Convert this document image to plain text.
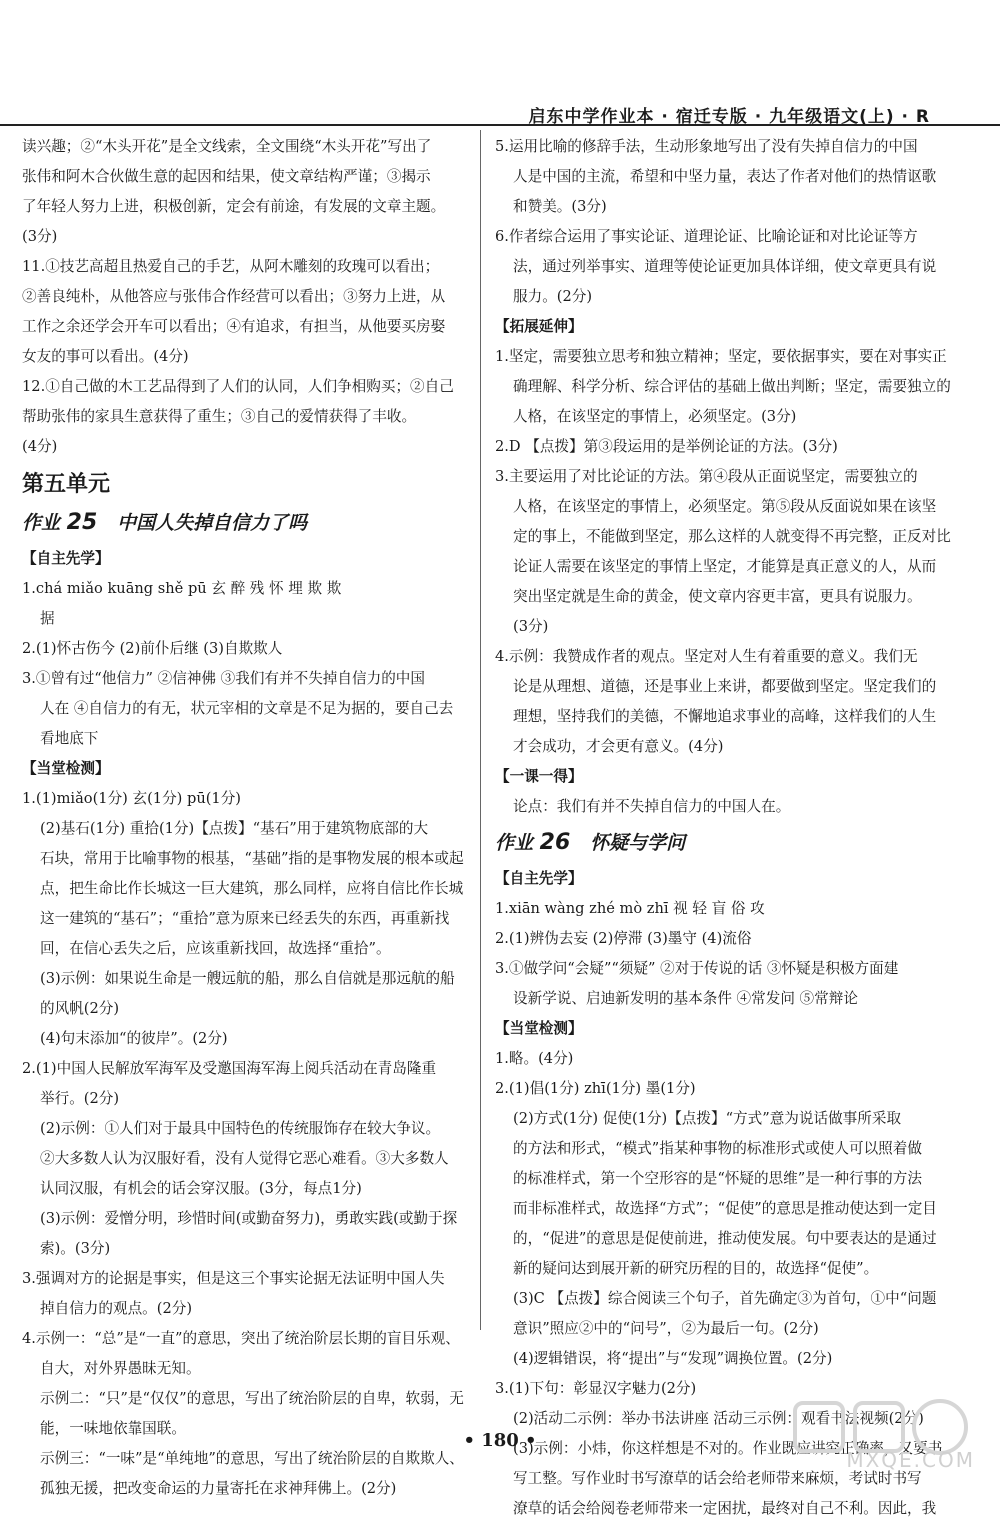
启东中学作业本 · 宿迁专版 · 九年级语文(上) · R
读兴趣；②“木头开花”是全文线索，全文围绕“木头开花”写出了
张伟和阿木合伙做生意的起因和结果，使文章结构严谨；③揭示
了年轻人努力上进，积极创新，定会有前途，有发展的文章主题。
(3分)
11.①技艺高超且热爱自己的手艺，从阿木雕刻的玫瑰可以看出；
②善良纯朴，从他答应与张伟合作经营可以看出；③努力上进，从
工作之余还学会开车可以看出；④有追求，有担当，从他要买房娶
女友的事可以看出。(4分)
12.①自己做的木工艺品得到了人们的认同，人们争相购买；②自己
帮助张伟的家具生意获得了重生；③自己的爱情获得了丰收。
(4分)
第五单元
作业 25 中国人失掉自信力了吗
【自主先学】
1.chá miǎo kuāng shě pū 玄 醉 残 怀 埋 欺 欺
据
2.(1)怀古伤今 (2)前仆后继 (3)自欺欺人
3.①曾有过“他信力” ②信神佛 ③我们有并不失掉自信力的中国
人在 ④自信力的有无，状元宰相的文章是不足为据的，要自己去
看地底下
【当堂检测】
1.(1)miǎo(1分) 玄(1分) pū(1分)
(2)基石(1分) 重拾(1分)【点拨】“基石”用于建筑物底部的大
石块，常用于比喻事物的根基，“基础”指的是事物发展的根本或起
点，把生命比作长城这一巨大建筑，那么同样，应将自信比作长城
这一建筑的“基石”；“重拾”意为原来已经丢失的东西，再重新找
回，在信心丢失之后，应该重新找回，故选择“重拾”。
(3)示例：如果说生命是一艘远航的船，那么自信就是那远航的船
的风帆(2分)
(4)句末添加“的彼岸”。(2分)
2.(1)中国人民解放军海军及受邀国海军海上阅兵活动在青岛隆重
举行。(2分)
(2)示例：①人们对于最具中国特色的传统服饰存在较大争议。
②大多数人认为汉服好看，没有人觉得它恶心难看。③大多数人
认同汉服，有机会的话会穿汉服。(3分，每点1分)
(3)示例：爱憎分明，珍惜时间(或勤奋努力)，勇敢实践(或勤于探
索)。(3分)
3.强调对方的论据是事实，但是这三个事实论据无法证明中国人失
掉自信力的观点。(2分)
4.示例一：“总”是“一直”的意思，突出了统治阶层长期的盲目乐观、
自大，对外界愚昧无知。
示例二：“只”是“仅仅”的意思，写出了统治阶层的自卑，软弱，无
能，一味地依靠国联。
示例三：“一味”是“单纯地”的意思，写出了统治阶层的自欺欺人、
孤独无援，把改变命运的力量寄托在求神拜佛上。(2分)
5.运用比喻的修辞手法，生动形象地写出了没有失掉自信力的中国
人是中国的主流，希望和中坚力量，表达了作者对他们的热情讴歌
和赞美。(3分)
6.作者综合运用了事实论证、道理论证、比喻论证和对比论证等方
法，通过列举事实、道理等使论证更加具体详细，使文章更具有说
服力。(2分)
【拓展延伸】
1.坚定，需要独立思考和独立精神；坚定，要依据事实，要在对事实正
确理解、科学分析、综合评估的基础上做出判断；坚定，需要独立的
人格，在该坚定的事情上，必须坚定。(3分)
2.D 【点拨】第③段运用的是举例论证的方法。(3分)
3.主要运用了对比论证的方法。第④段从正面说坚定，需要独立的
人格，在该坚定的事情上，必须坚定。第⑤段从反面说如果在该坚
定的事上，不能做到坚定，那么这样的人就变得不再完整，正反对比
论证人需要在该坚定的事情上坚定，才能算是真正意义的人，从而
突出坚定就是生命的黄金，使文章内容更丰富，更具有说服力。
(3分)
4.示例：我赞成作者的观点。坚定对人生有着重要的意义。我们无
论是从理想、道德，还是事业上来讲，都要做到坚定。坚定我们的
理想，坚持我们的美德，不懈地追求事业的高峰，这样我们的人生
才会成功，才会更有意义。(4分)
【一课一得】
论点：我们有并不失掉自信力的中国人在。
作业 26 怀疑与学问
【自主先学】
1.xiān wàng zhé mò zhī 视 轻 盲 俗 攻
2.(1)辨伪去妄 (2)停滞 (3)墨守 (4)流俗
3.①做学问“会疑”“须疑” ②对于传说的话 ③怀疑是积极方面建
设新学说、启迪新发明的基本条件 ④常发问 ⑤常辩论
【当堂检测】
1.略。(4分)
2.(1)倡(1分) zhī(1分) 墨(1分)
(2)方式(1分) 促使(1分)【点拨】“方式”意为说话做事所采取
的方法和形式，“模式”指某种事物的标准形式或使人可以照着做
的标准样式，第一个空形容的是“怀疑的思维”是一种行事的方法
而非标准样式，故选择“方式”；“促使”的意思是推动使达到一定目
的，“促进”的意思是促使前进，推动使发展。句中要表达的是通过
新的疑问达到展开新的研究历程的目的，故选择“促使”。
(3)C 【点拨】综合阅读三个句子，首先确定③为首句，①中“问题
意识”照应②中的“问号”，②为最后一句。(2分)
(4)逻辑错误，将“提出”与“发现”调换位置。(2分)
3.(1)下句：彰显汉字魅力(2分)
(2)活动二示例：举办书法讲座 活动三示例：观看书法视频(2分)
(3)示例：小炜，你这样想是不对的。作业既应讲究正确率，又要书
写工整。写作业时书写潦草的话会给老师带来麻烦，考试时书写
潦草的话会给阅卷老师带来一定困扰，最终对自己不利。因此，我
• 180 •
MXQE.COM
